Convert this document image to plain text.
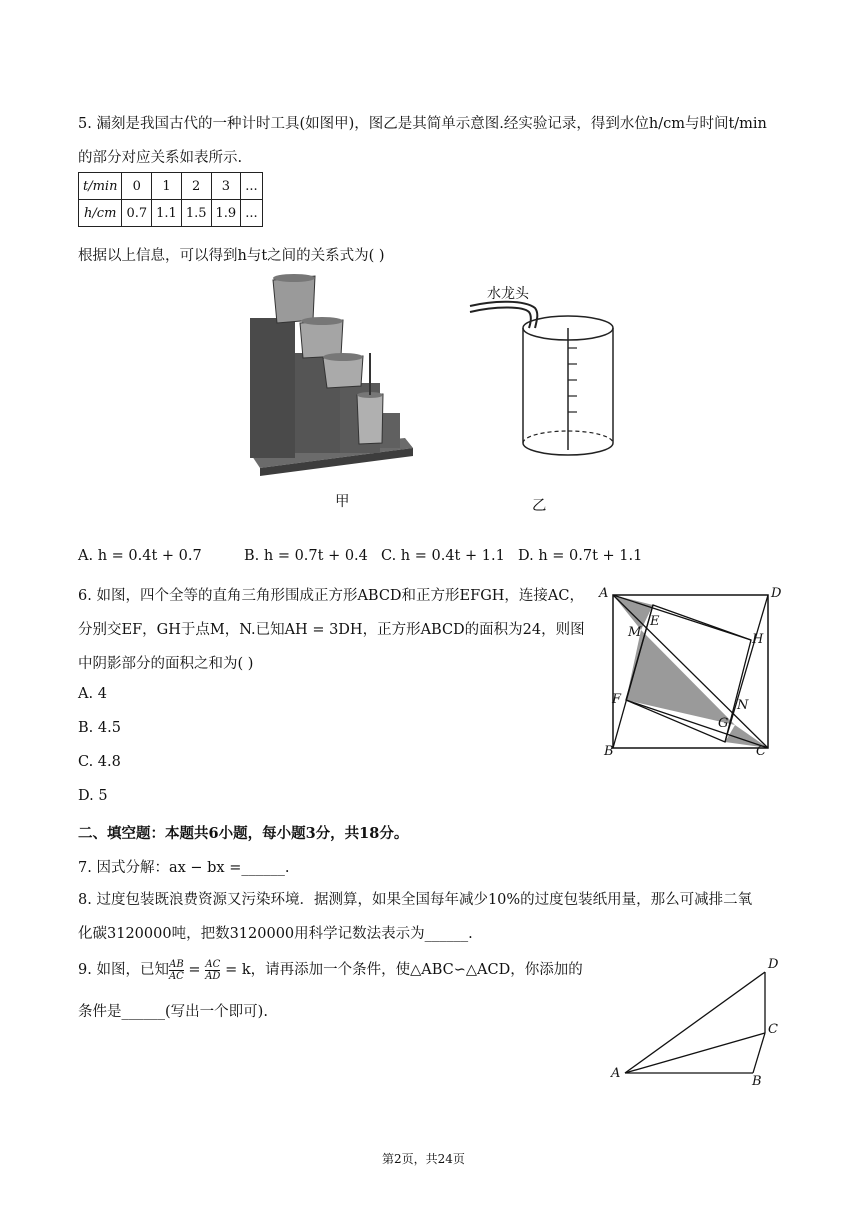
5. 漏刻是我国古代的一种计时工具(如图甲)，图乙是其简单示意图.经实验记录，得到水位h/cm与时间t/min
的部分对应关系如表所示.
t/min	0	1	2	3	...
h/cm	0.7	1.1	1.5	1.9	...
根据以上信息，可以得到h与t之间的关系式为( )
甲
水龙头
乙
A. h = 0.4t + 0.7	B. h = 0.7t + 0.4 C. h = 0.4t + 1.1 D. h = 0.7t + 1.1
6. 如图，四个全等的直角三角形围成正方形ABCD和正方形EFGH，连接AC，
分别交EF，GH于点M，N.已知AH = 3DH，正方形ABCD的面积为24，则图
中阴影部分的面积之和为( )
A. 4
B. 4.5
C. 4.8
D. 5
A	D
B	C
E
F
G
H
M
N
二、填空题：本题共6小题，每小题3分，共18分。
7. 因式分解：ax − bx =______.
8. 过度包装既浪费资源又污染环境．据测算，如果全国每年减少10%的过度包装纸用量，那么可减排二氧
化碳3120000吨，把数3120000用科学记数法表示为______.
9. 如图，已知 $\frac{AB}{AC} = \frac{AC}{AD} = k$，请再添加一个条件，使△ABC∽△ACD，你添加的
条件是______(写出一个即可).
A
B
C
D
第2页，共24页
